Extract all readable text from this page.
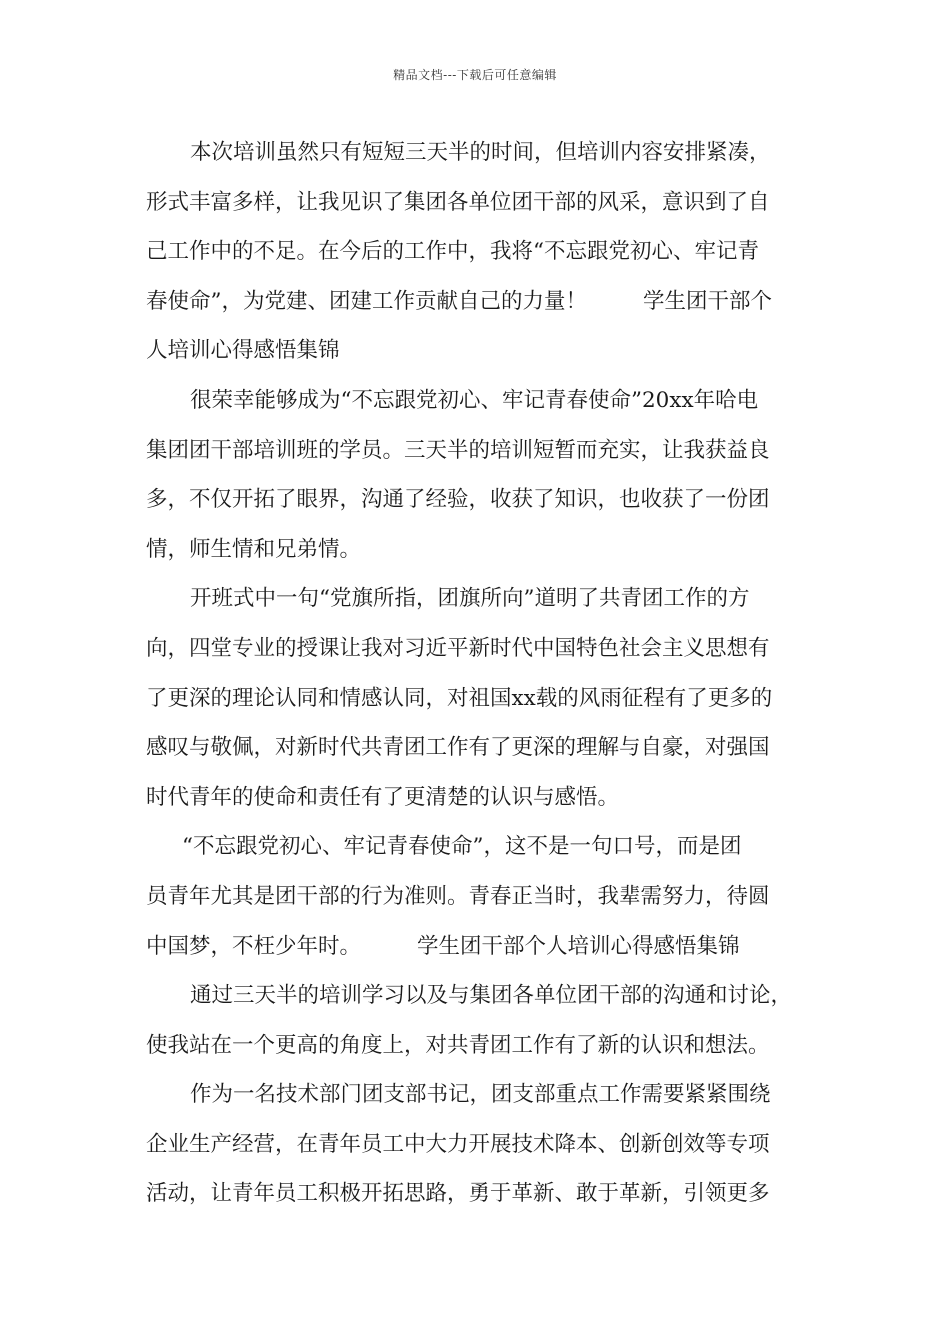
精品文档---下载后可任意编辑
本次培训虽然只有短短三天半的时间，但培训内容安排紧凑，
形式丰富多样，让我见识了集团各单位团干部的风采，意识到了自
己工作中的不足。在今后的工作中，我将“不忘跟党初心、牢记青
春使命”，为党建、团建工作贡献自己的力量！	学生团干部个
人培训心得感悟集锦
很荣幸能够成为“不忘跟党初心、牢记青春使命”20xx年哈电
集团团干部培训班的学员。三天半的培训短暂而充实，让我获益良
多，不仅开拓了眼界，沟通了经验，收获了知识，也收获了一份团
情，师生情和兄弟情。
开班式中一句“党旗所指，团旗所向”道明了共青团工作的方
向，四堂专业的授课让我对习近平新时代中国特色社会主义思想有
了更深的理论认同和情感认同，对祖国xx载的风雨征程有了更多的
感叹与敬佩，对新时代共青团工作有了更深的理解与自豪，对强国
时代青年的使命和责任有了更清楚的认识与感悟。
“不忘跟党初心、牢记青春使命”，这不是一句口号，而是团
员青年尤其是团干部的行为准则。青春正当时，我辈需努力，待圆
中国梦，不枉少年时。	学生团干部个人培训心得感悟集锦
通过三天半的培训学习以及与集团各单位团干部的沟通和讨论，
使我站在一个更高的角度上，对共青团工作有了新的认识和想法。
作为一名技术部门团支部书记，团支部重点工作需要紧紧围绕
企业生产经营，在青年员工中大力开展技术降本、创新创效等专项
活动，让青年员工积极开拓思路，勇于革新、敢于革新，引领更多
